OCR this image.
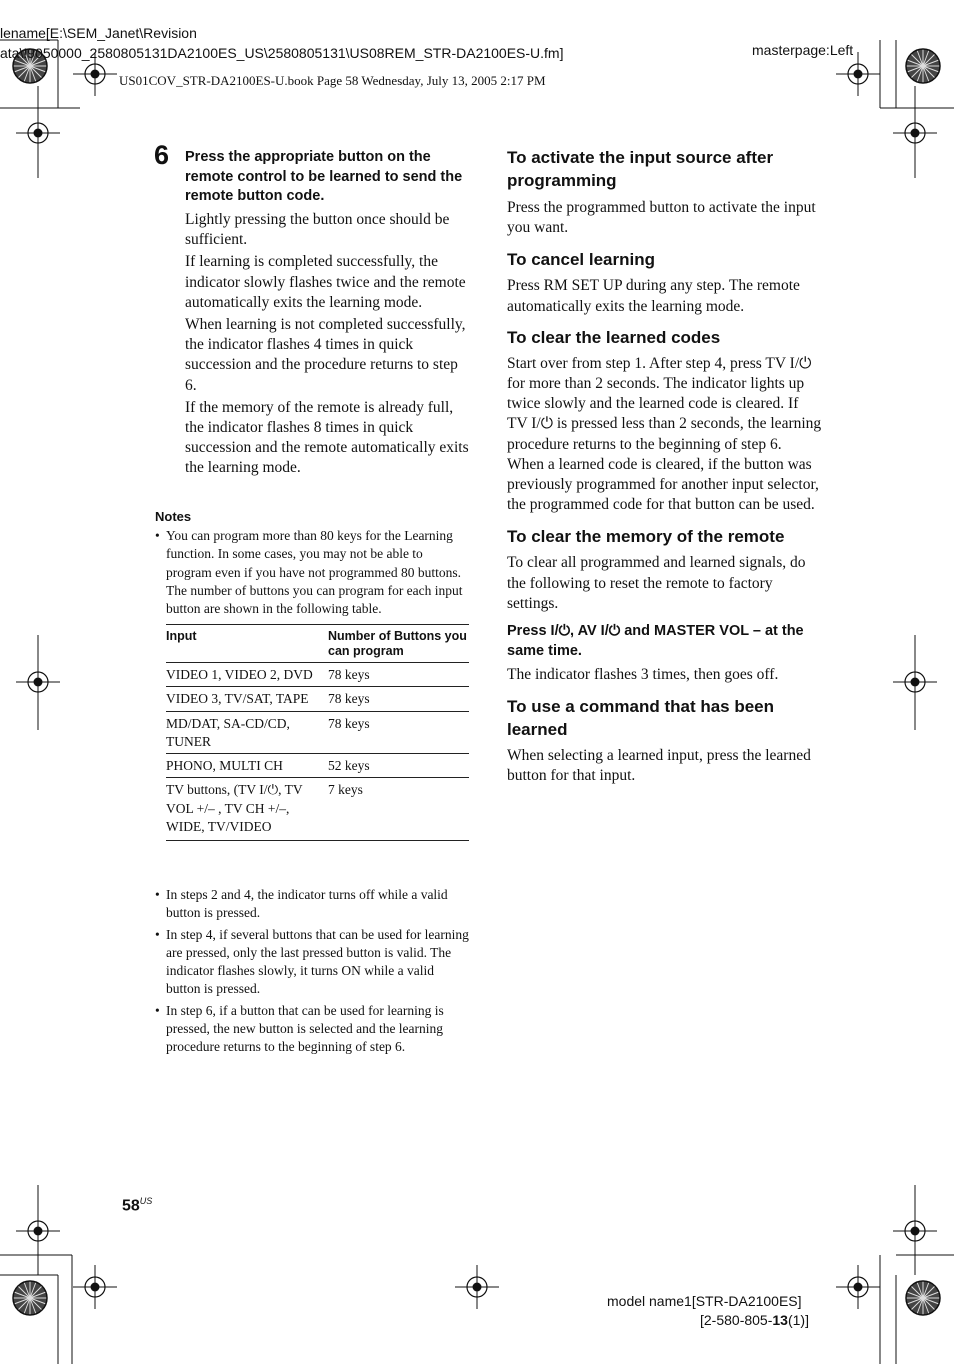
lename[E:\SEM_Janet\Revision
ata\!9050000_2580805131DA2100ES_US\2580805131\US08REM_STR-DA2100ES-U.fm]	masterpage:Left
US01COV_STR-DA2100ES-U.book Page 58 Wednesday, July 13, 2005 2:17 PM
6 Press the appropriate button on the remote control to be learned to send the remote button code.

Lightly pressing the button once should be sufficient.

If learning is completed successfully, the indicator slowly flashes twice and the remote automatically exits the learning mode.

When learning is not completed successfully, the indicator flashes 4 times in quick succession and the procedure returns to step 6.

If the memory of the remote is already full, the indicator flashes 8 times in quick succession and the remote automatically exits the learning mode.

Notes

• You can program more than 80 keys for the Learning function. In some cases, you may not be able to program even if you have not programmed 80 buttons. The number of buttons you can program for each input button are shown in the following table.

Input	Number of Buttons you can program
VIDEO 1, VIDEO 2, DVD	78 keys
VIDEO 3, TV/SAT, TAPE	78 keys
MD/DAT, SA-CD/CD, TUNER	78 keys
PHONO, MULTI CH	52 keys
TV buttons, (TV I/⏻, TV VOL +/– , TV CH +/–, WIDE, TV/VIDEO	7 keys

• In steps 2 and 4, the indicator turns off while a valid button is pressed.

• In step 4, if several buttons that can be used for learning are pressed, only the last pressed button is valid. The indicator flashes slowly, it turns ON while a valid button is pressed.

• In step 6, if a button that can be used for learning is pressed, the new button is selected and the learning procedure returns to the beginning of step 6.

To activate the input source after programming

Press the programmed button to activate the input you want.

To cancel learning

Press RM SET UP during any step. The remote automatically exits the learning mode.

To clear the learned codes

Start over from step 1. After step 4, press TV I/⏻ for more than 2 seconds. The indicator lights up twice slowly and the learned code is cleared. If TV I/⏻ is pressed less than 2 seconds, the learning procedure returns to the beginning of step 6.

When a learned code is cleared, if the button was previously programmed for another input selector, the programmed code for that button can be used.

To clear the memory of the remote

To clear all programmed and learned signals, do the following to reset the remote to factory settings.

Press I/⏻, AV I/⏻ and MASTER VOL – at the same time.

The indicator flashes 3 times, then goes off.

To use a command that has been learned

When selecting a learned input, press the learned button for that input.

$58^{US}$
model name1[STR-DA2100ES]
[2-580-805-13(1)]
